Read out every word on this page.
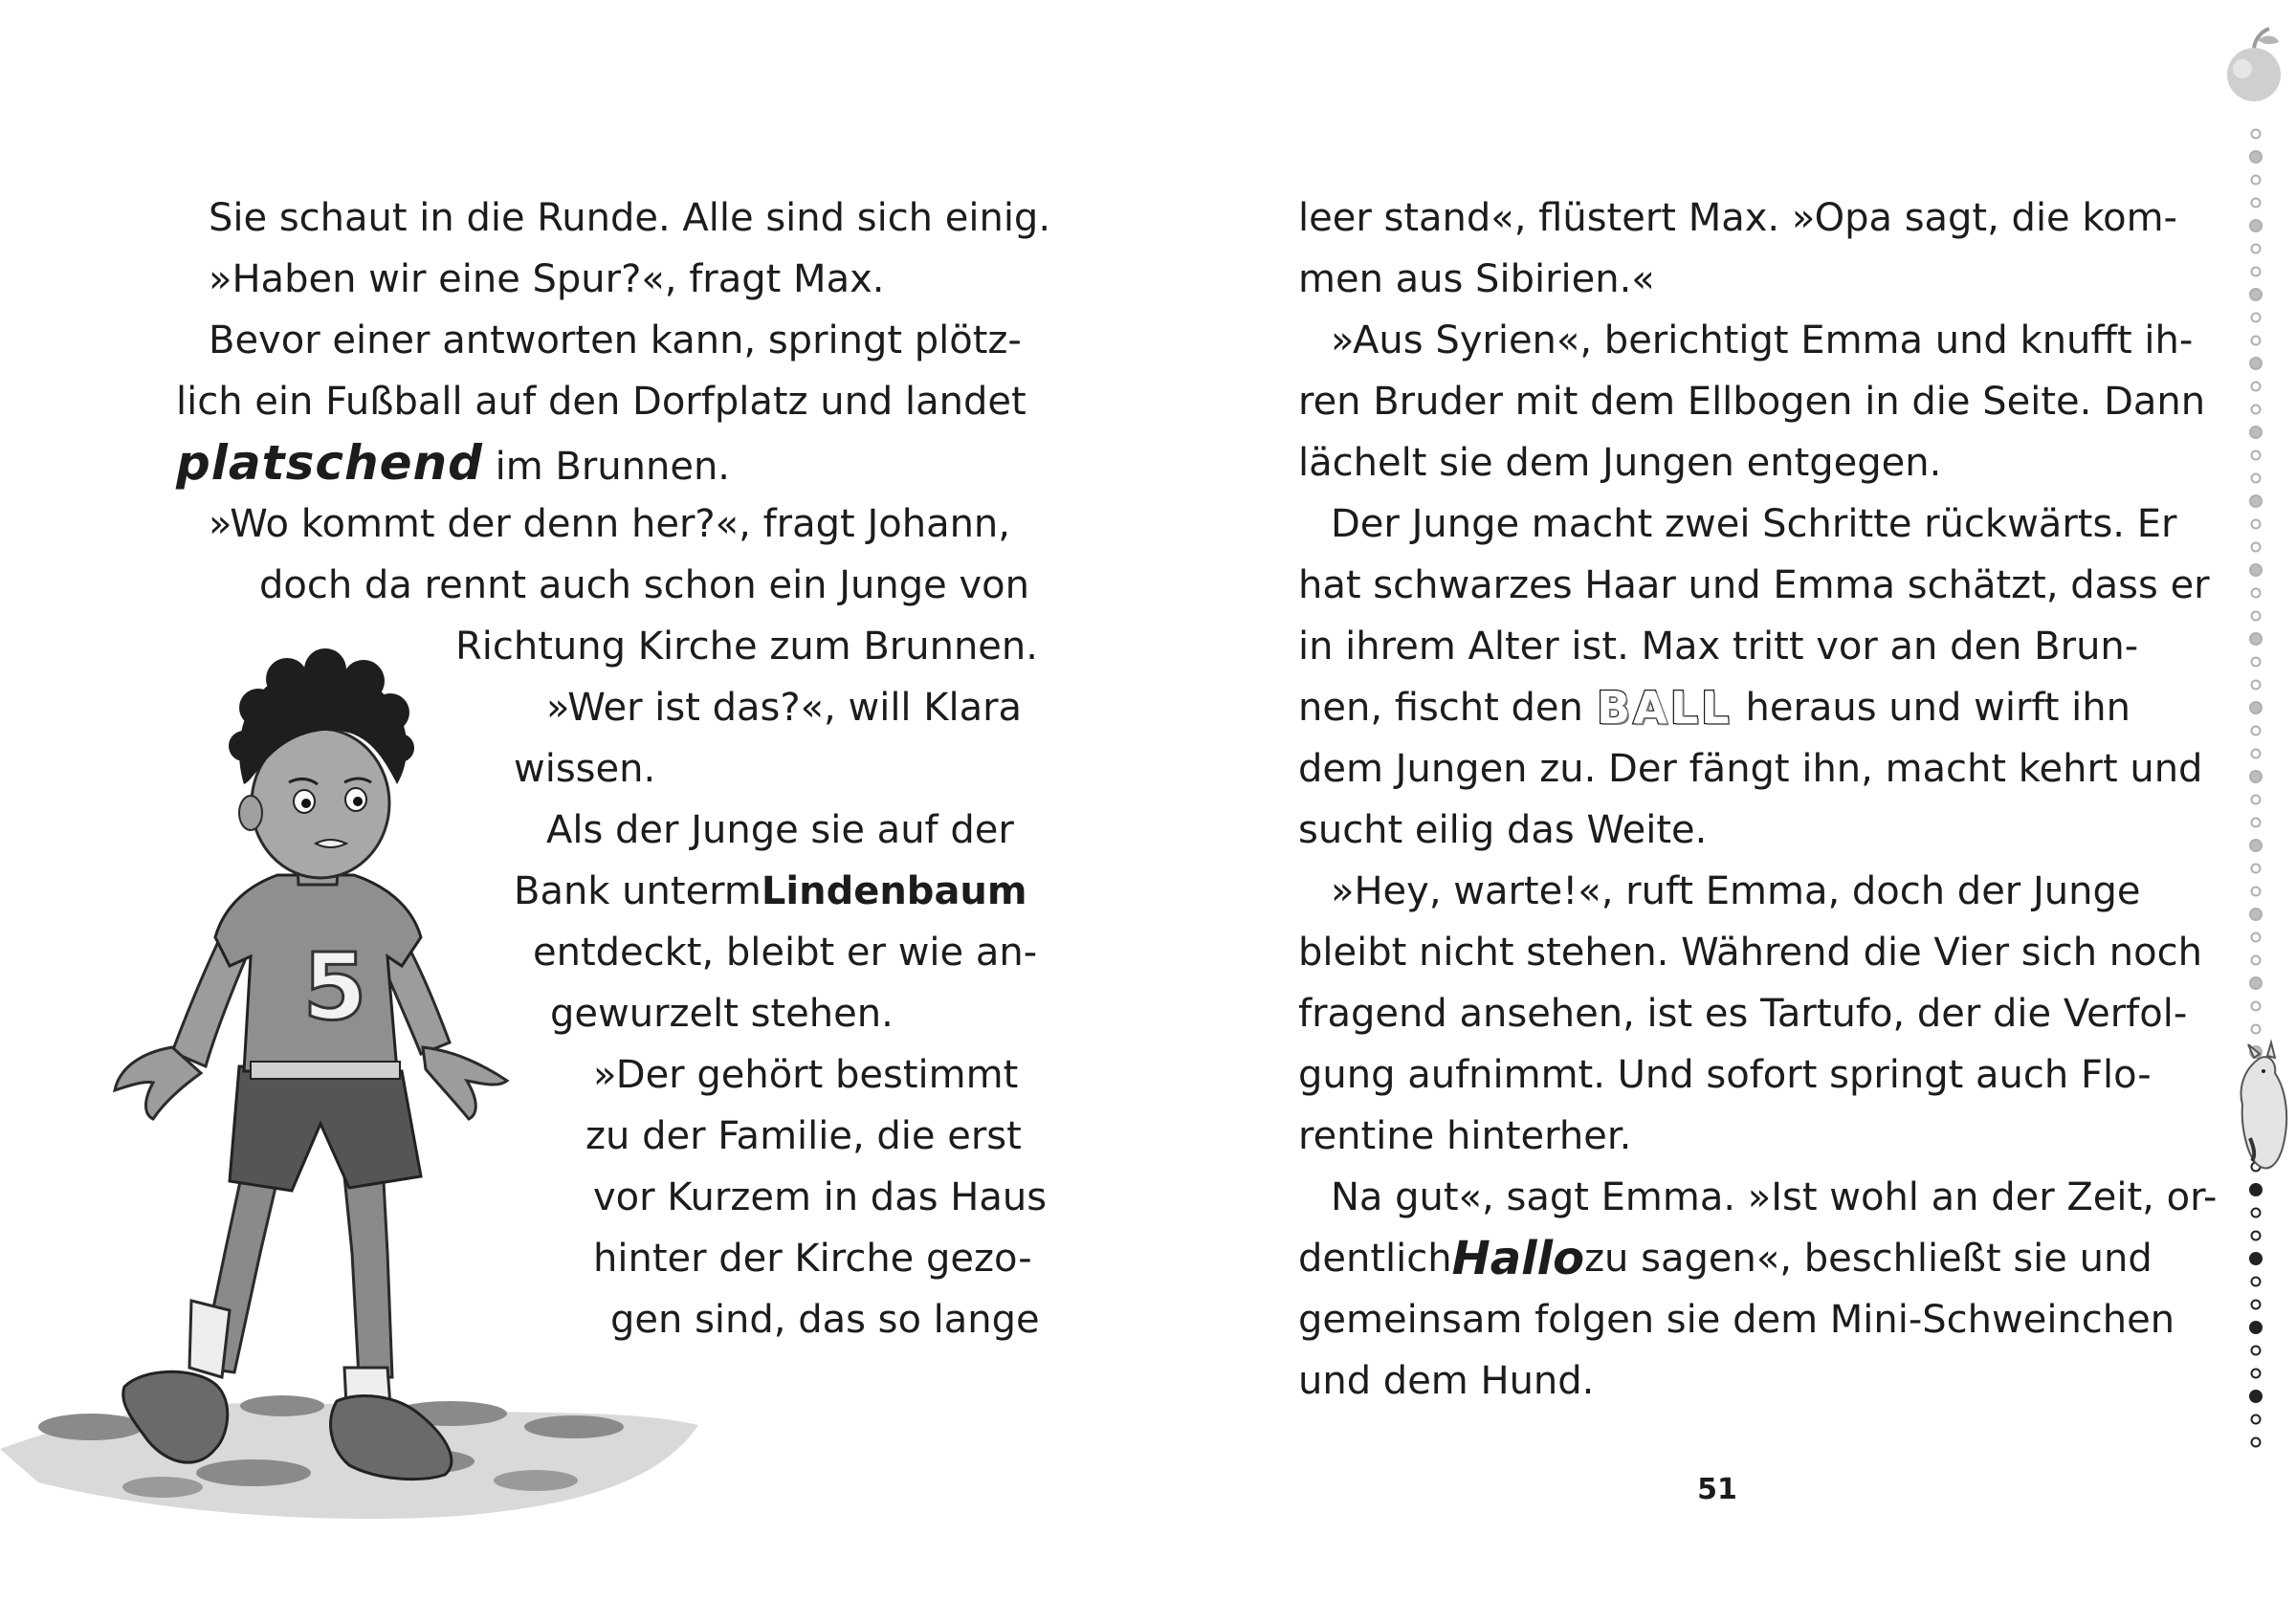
Sie schaut in die Runde. Alle sind sich einig.
»Haben wir eine Spur?«, fragt Max.
Bevor einer antworten kann, springt plötz-
lich ein Fußball auf den Dorfplatz und landet
platschend im Brunnen.
»Wo kommt der denn her?«, fragt Johann,
doch da rennt auch schon ein Junge von
Richtung Kirche zum Brunnen.
»Wer ist das?«, will Klara
wissen.
Als der Junge sie auf der
Bank unterm Lindenbaum
entdeckt, bleibt er wie an-
gewurzelt stehen.
»Der gehört bestimmt
zu der Familie, die erst
vor Kurzem in das Haus
hinter der Kirche gezo-
gen sind, das so lange
5
leer stand«, flüstert Max. »Opa sagt, die kom-
men aus Sibirien.«
»Aus Syrien«, berichtigt Emma und knufft ih-
ren Bruder mit dem Ellbogen in die Seite. Dann
lächelt sie dem Jungen entgegen.
Der Junge macht zwei Schritte rückwärts. Er
hat schwarzes Haar und Emma schätzt, dass er
in ihrem Alter ist. Max tritt vor an den Brun-
nen, fischt den BALL heraus und wirft ihn
dem Jungen zu. Der fängt ihn, macht kehrt und
sucht eilig das Weite.
»Hey, warte!«, ruft Emma, doch der Junge
bleibt nicht stehen. Während die Vier sich noch
fragend ansehen, ist es Tartufo, der die Verfol-
gung aufnimmt. Und sofort springt auch Flo-
rentine hinterher.
Na gut«, sagt Emma. »Ist wohl an der Zeit, or-
dentlich Hallo zu sagen«, beschließt sie und
gemeinsam folgen sie dem Mini-Schweinchen
und dem Hund.
51
